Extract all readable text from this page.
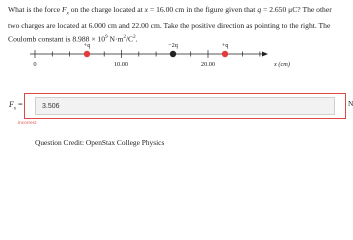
What is the force $F_x$ on the charge located at x = 16.00 cm in the figure given that q = 2.650 μC? The other two charges are located at 6.000 cm and 22.00 cm. Take the positive direction as pointing to the right. The Coulomb constant is $8.988 \times 10^9$ $N\cdot m^2/C^2$.
0	10.00	20.00	x (cm)
+q	−2q	+q
$F_x$ =
3.506	N
incorrect
Question Credit: OpenStax College Physics
